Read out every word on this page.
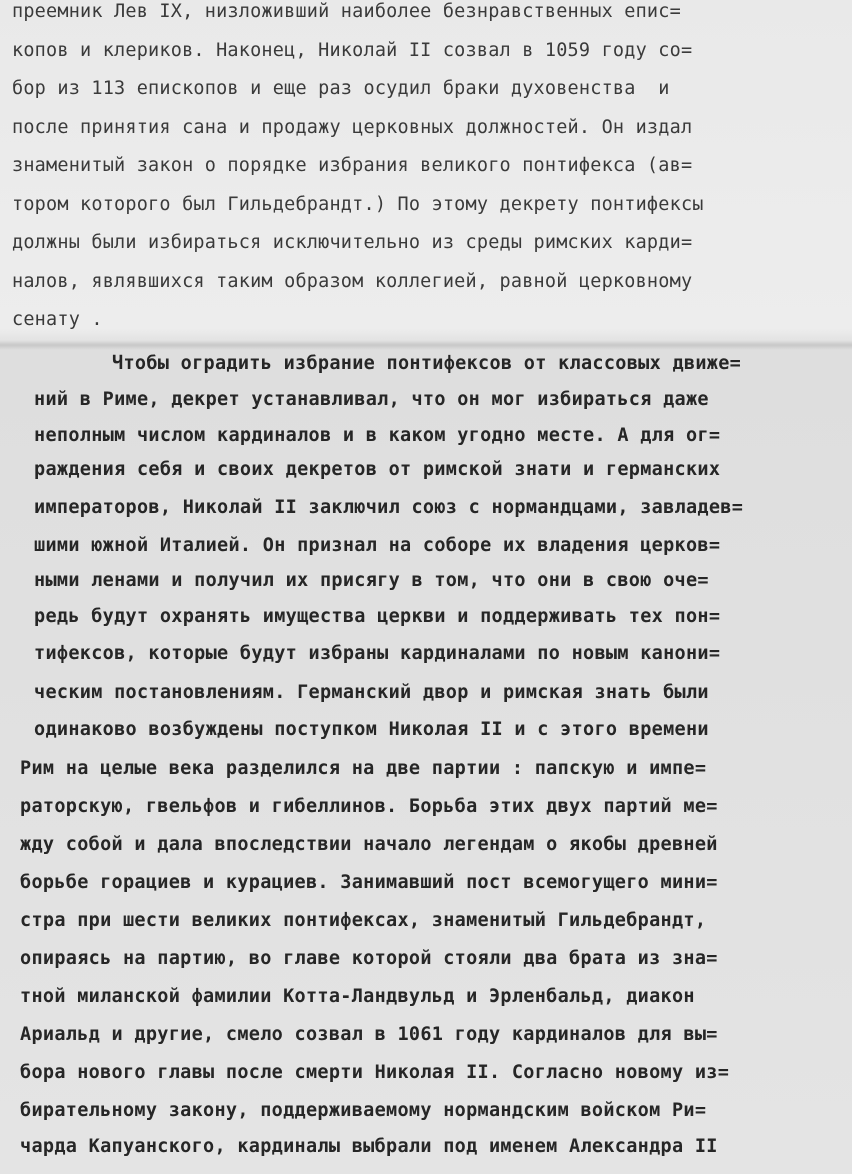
преемник Лев IX, низложивший наиболее безнравственных епис=
копов и клериков. Наконец, Николай II созвал в 1059 году со=
бор из 113 епископов и еще раз осудил браки духовенства  и
после принятия сана и продажу церковных должностей. Он издал
знаменитый закон о порядке избрания великого понтифекса (ав=
тором которого был Гильдебрандт.) По этому декрету понтифексы
должны были избираться исключительно из среды римских карди=
налов, являвшихся таким образом коллегией, равной церковному
сенату .
Чтобы оградить избрание понтифексов от классовых движе=
ний в Риме, декрет устанавливал, что он мог избираться даже
неполным числом кардиналов и в каком угодно месте. А для ог=
раждения себя и своих декретов от римской знати и германских
императоров, Николай II заключил союз с нормандцами, завладев=
шими южной Италией. Он признал на соборе их владения церков=
ными ленами и получил их присягу в том, что они в свою оче=
редь будут охранять имущества церкви и поддерживать тех пон=
тифексов, которые будут избраны кардиналами по новым канони=
ческим постановлениям. Германский двор и римская знать были
одинаково возбуждены поступком Николая II и с этого времени
Рим на целые века разделился на две партии : папскую и импе=
раторскую, гвельфов и гибеллинов. Борьба этих двух партий ме=
жду собой и дала впоследствии начало легендам о якобы древней
борьбе горациев и курациев. Занимавший пост всемогущего мини=
стра при шести великих понтифексах, знаменитый Гильдебрандт,
опираясь на партию, во главе которой стояли два брата из зна=
тной миланской фамилии Котта-Ландвульд и Эрленбальд, диакон
Ариальд и другие, смело созвал в 1061 году кардиналов для вы=
бора нового главы после смерти Николая II. Согласно новому из=
бирательному закону, поддерживаемому нормандским войском Ри=
чарда Капуанского, кардиналы выбрали под именем Александра II
